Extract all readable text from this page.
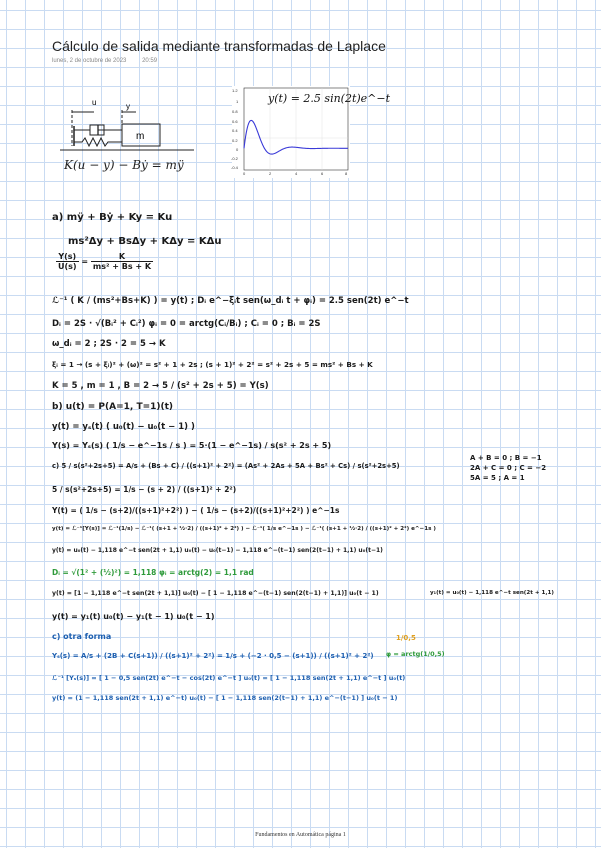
Cálculo de salida mediante transformadas de Laplace
lunes, 2 de octubre de 2023	20:59
u	y
m
K(u − y) − Bẏ = mÿ
1.2
1
0.8
0.6
0.4
0.2
0
-0.2
-0.4
0	2	4	6	8
y(t) = 2.5 sin(2t)e^−t
a) mÿ + Bẏ + Ky = Ku
ms²Δy + BsΔy + KΔy = KΔu
$\frac{Y(s)}{U(s)} = \frac{K}{\text{ms² + Bs + K}}$
ℒ⁻¹ ( K / (ms²+Bs+K) ) = y(t) ; Dᵢ e^−ξᵢt sen(ω_dᵢ t + φᵢ) = 2.5 sen(2t) e^−t
Dᵢ = 2S · √(Bᵢ² + Cᵢ²) φᵢ = 0 = arctg(Cᵢ/Bᵢ) ; Cᵢ = 0 ; Bᵢ = 2S
ω_dᵢ = 2 ; 2S · 2 = 5 → K
ξᵢ = 1 → (s + ξᵢ)² + (ω)² = s² + 1 + 2s ; (s + 1)² + 2² = s² + 2s + 5 = ms² + Bs + K
K = 5 , m = 1 , B = 2 → 5 / (s² + 2s + 5) = Y(s)
b) u(t) = P(A=1, T=1)(t)
y(t) = yₛ(t) ( u₀(t) − u₀(t − 1) )
Y(s) = Yₛ(s) ( 1/s − e^−1s / s ) = 5·(1 − e^−1s) / s(s² + 2s + 5)
c) 5 / s(s²+2s+5) = A/s + (Bs + C) / ((s+1)² + 2²) = (As² + 2As + 5A + Bs² + Cs) / s(s²+2s+5)
A + B = 0 ; B = −1
2A + C = 0 ; C = −2
5A = 5 ; A = 1
5 / s(s²+2s+5) = 1/s − (s + 2) / ((s+1)² + 2²)
Y(t) = ( 1/s − (s+2)/((s+1)²+2²) ) − ( 1/s − (s+2)/((s+1)²+2²) ) e^−1s
y(t) = ℒ⁻¹[Y(s)] = ℒ⁻¹(1/s) − ℒ⁻¹( (s+1 + ½·2) / ((s+1)² + 2²) ) − ℒ⁻¹( 1/s e^−1s ) − ℒ⁻¹( (s+1 + ½·2) / ((s+1)² + 2²) e^−1s )
y(t) = u₀(t) − 1,118 e^−t sen(2t + 1,1) u₀(t) − u₀(t−1) − 1,118 e^−(t−1) sen(2(t−1) + 1,1) u₀(t−1)
Dᵢ = √(1² + (½)²) = 1,118 φᵢ = arctg(2) = 1,1 rad
y(t) = [1 − 1,118 e^−t sen(2t + 1,1)] u₀(t) − [ 1 − 1,118 e^−(t−1) sen(2(t−1) + 1,1)] u₀(t − 1)	y₁(t) = u₀(t) − 1,118 e^−t sen(2t + 1,1)
y(t) = y₁(t) u₀(t) − y₁(t − 1) u₀(t − 1)
c) otra forma
Yₛ(s) = A/s + (2B + C(s+1)) / ((s+1)² + 2²) = 1/s + (−2 · 0,5 − (s+1)) / ((s+1)² + 2²)
1/0,5
φ = arctg(1/0,5)
ℒ⁻¹ [Yₛ(s)] = [ 1 − 0,5 sen(2t) e^−t − cos(2t) e^−t ] u₀(t) = [ 1 − 1,118 sen(2t + 1,1) e^−t ] u₀(t)
y(t) = (1 − 1,118 sen(2t + 1,1) e^−t) u₀(t) − [ 1 − 1,118 sen(2(t−1) + 1,1) e^−(t−1) ] u₀(t − 1)
Fundamentos en Automática página 1
